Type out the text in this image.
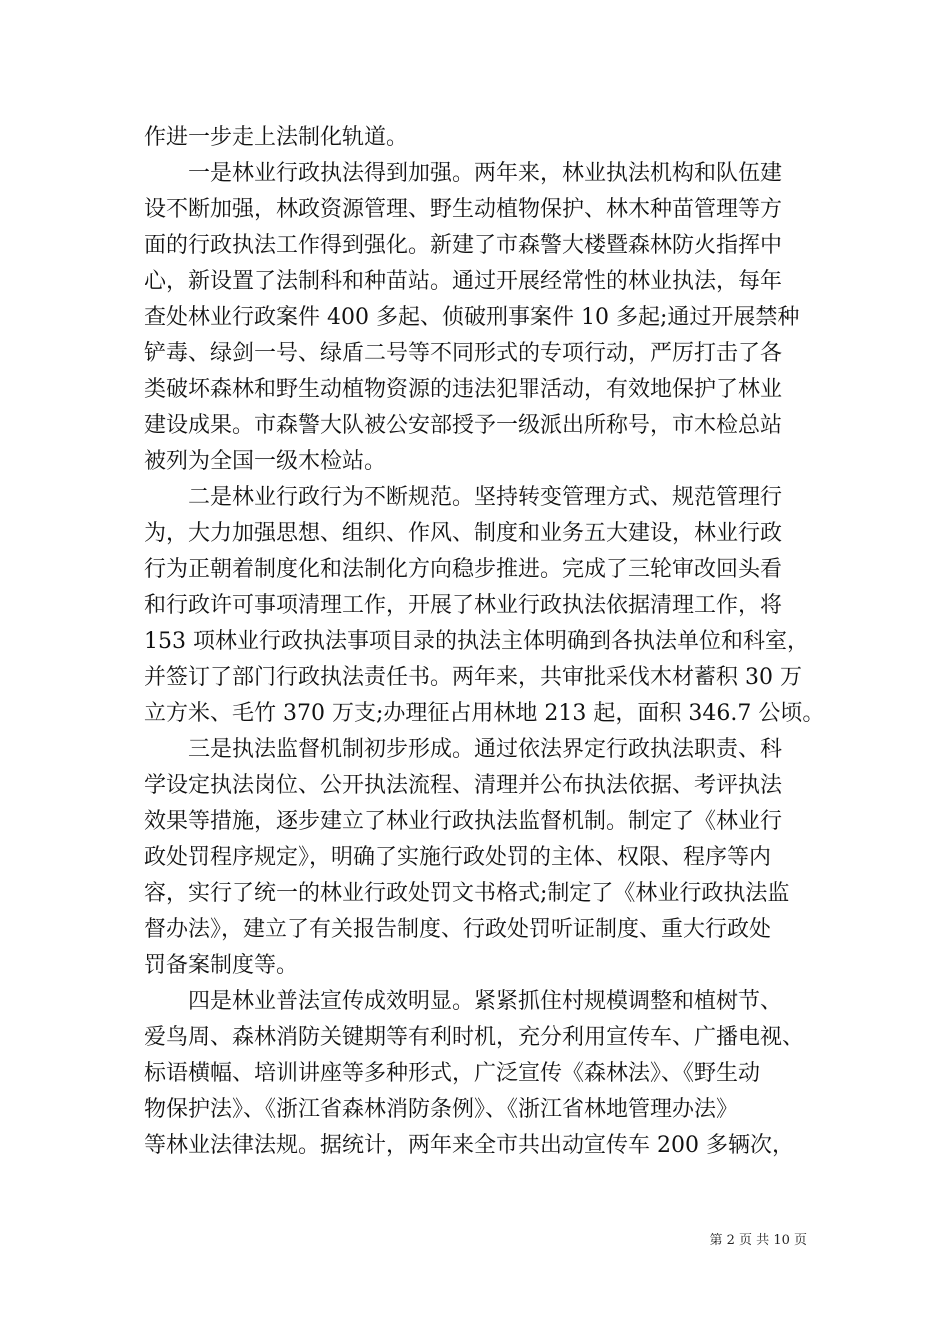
作进一步走上法制化轨道。
　　一是林业行政执法得到加强。两年来，林业执法机构和队伍建
设不断加强，林政资源管理、野生动植物保护、林木种苗管理等方
面的行政执法工作得到强化。新建了市森警大楼暨森林防火指挥中
心，新设置了法制科和种苗站。通过开展经常性的林业执法，每年
查处林业行政案件 400 多起、侦破刑事案件 10 多起;通过开展禁种
铲毒、绿剑一号、绿盾二号等不同形式的专项行动，严厉打击了各
类破坏森林和野生动植物资源的违法犯罪活动，有效地保护了林业
建设成果。市森警大队被公安部授予一级派出所称号，市木检总站
被列为全国一级木检站。
　　二是林业行政行为不断规范。坚持转变管理方式、规范管理行
为，大力加强思想、组织、作风、制度和业务五大建设，林业行政
行为正朝着制度化和法制化方向稳步推进。完成了三轮审改回头看
和行政许可事项清理工作，开展了林业行政执法依据清理工作，将
153 项林业行政执法事项目录的执法主体明确到各执法单位和科室，
并签订了部门行政执法责任书。两年来，共审批采伐木材蓄积 30 万
立方米、毛竹 370 万支;办理征占用林地 213 起，面积 346.7 公顷。
　　三是执法监督机制初步形成。通过依法界定行政执法职责、科
学设定执法岗位、公开执法流程、清理并公布执法依据、考评执法
效果等措施，逐步建立了林业行政执法监督机制。制定了《林业行
政处罚程序规定》，明确了实施行政处罚的主体、权限、程序等内
容，实行了统一的林业行政处罚文书格式;制定了《林业行政执法监
督办法》，建立了有关报告制度、行政处罚听证制度、重大行政处
罚备案制度等。
　　四是林业普法宣传成效明显。紧紧抓住村规模调整和植树节、
爱鸟周、森林消防关键期等有利时机，充分利用宣传车、广播电视、
标语横幅、培训讲座等多种形式，广泛宣传《森林法》、《野生动
物保护法》、《浙江省森林消防条例》、《浙江省林地管理办法》
等林业法律法规。据统计，两年来全市共出动宣传车 200 多辆次，
第 2 页 共 10 页
